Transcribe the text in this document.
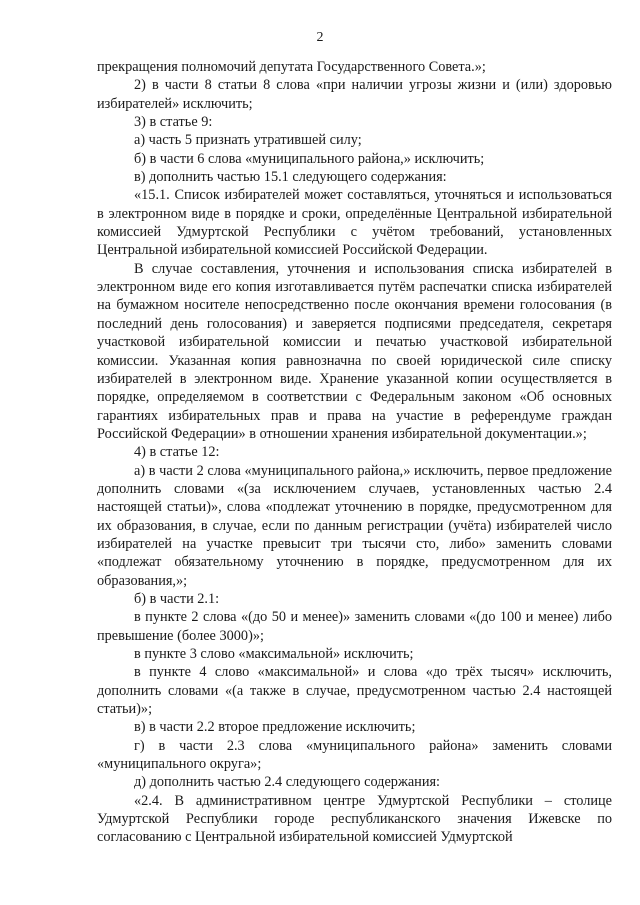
2

прекращения полномочий депутата Государственного Совета.»;

2) в части 8 статьи 8 слова «при наличии угрозы жизни и (или) здоровью избирателей» исключить;

3) в статье 9:

а) часть 5 признать утратившей силу;

б) в части 6 слова «муниципального района,» исключить;

в) дополнить частью 15.1 следующего содержания:

«15.1. Список избирателей может составляться, уточняться и использоваться в электронном виде в порядке и сроки, определённые Центральной избирательной комиссией Удмуртской Республики с учётом требований, установленных Центральной избирательной комиссией Российской Федерации.

В случае составления, уточнения и использования списка избирателей в электронном виде его копия изготавливается путём распечатки списка избирателей на бумажном носителе непосредственно после окончания времени голосования (в последний день голосования) и заверяется подписями председателя, секретаря участковой избирательной комиссии и печатью участковой избирательной комиссии. Указанная копия равнозначна по своей юридической силе списку избирателей в электронном виде. Хранение указанной копии осуществляется в порядке, определяемом в соответствии с Федеральным законом «Об основных гарантиях избирательных прав и права на участие в референдуме граждан Российской Федерации» в отношении хранения избирательной документации.»;

4) в статье 12:

а) в части 2 слова «муниципального района,» исключить, первое предложение дополнить словами «(за исключением случаев, установленных частью 2.4 настоящей статьи)», слова «подлежат уточнению в порядке, предусмотренном для их образования, в случае, если по данным регистрации (учёта) избирателей число избирателей на участке превысит три тысячи сто, либо» заменить словами «подлежат обязательному уточнению в порядке, предусмотренном для их образования,»;

б) в части 2.1:

в пункте 2 слова «(до 50 и менее)» заменить словами «(до 100 и менее) либо превышение (более 3000)»;

в пункте 3 слово «максимальной» исключить;

в пункте 4 слово «максимальной» и слова «до трёх тысяч» исключить, дополнить словами «(а также в случае, предусмотренном частью 2.4 настоящей статьи)»;

в) в части 2.2 второе предложение исключить;

г) в части 2.3 слова «муниципального района» заменить словами «муниципального округа»;

д) дополнить частью 2.4 следующего содержания:

«2.4. В административном центре Удмуртской Республики – столице Удмуртской Республики городе республиканского значения Ижевске по согласованию с Центральной избирательной комиссией Удмуртской
